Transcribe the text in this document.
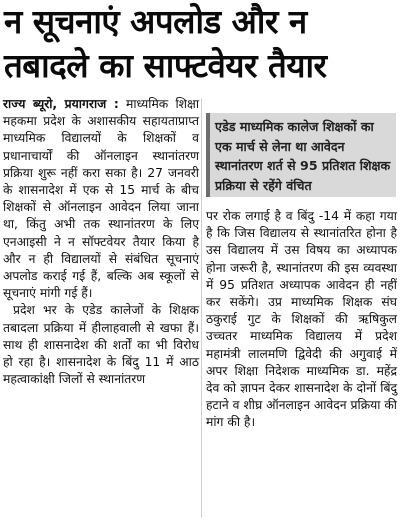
न सूचनाएं अपलोड और न
तबादले का साफ्टवेयर तैयार

राज्य ब्यूरो, प्रयागराज : माध्यमिक शिक्षा महकमा प्रदेश के अशासकीय सहायताप्राप्त माध्यमिक विद्यालयों के शिक्षकों व प्रधानाचार्यों की ऑनलाइन स्थानांतरण प्रक्रिया शुरू नहीं करा सका है। 27 जनवरी के शासनादेश में एक से 15 मार्च के बीच शिक्षकों से ऑनलाइन आवेदन लिया जाना था, किंतु अभी तक स्थानांतरण के लिए एनआइसी ने न सॉफ्टवेयर तैयार किया है और न ही विद्यालयों से संबंधित सूचनाएं अपलोड कराई गई हैं, बल्कि अब स्कूलों से सूचनाएं मांगी गई हैं।

प्रदेश भर के एडेड कालेजों के शिक्षक तबादला प्रक्रिया में हीलाहवाली से खफा हैं। साथ ही शासनादेश की शर्तों का भी विरोध हो रहा है। शासनादेश के बिंदु 11 में आठ महत्वाकांक्षी जिलों से स्थानांतरण

एडेड माध्यमिक कालेज शिक्षकों का एक मार्च से लेना था आवेदन स्थानांतरण शर्त से 95 प्रतिशत शिक्षक प्रक्रिया से रहेंगे वंचित

पर रोक लगाई है व बिंदु -14 में कहा गया है कि जिस विद्यालय से स्थानांतरित होना है उस विद्यालय में उस विषय का अध्यापक होना जरूरी है, स्थानांतरण की इस व्यवस्था में 95 प्रतिशत अध्यापक आवेदन ही नहीं कर सकेंगे। उप्र माध्यमिक शिक्षक संघ ठकुराई गुट के शिक्षकों की ऋषिकुल उच्चतर माध्यमिक विद्यालय में प्रदेश महामंत्री लालमणि द्विवेदी की अगुवाई में अपर शिक्षा निदेशक माध्यमिक डा. महेंद्र देव को ज्ञापन देकर शासनादेश के दोनों बिंदु हटाने व शीघ्र ऑनलाइन आवेदन प्रक्रिया की मांग की है।
